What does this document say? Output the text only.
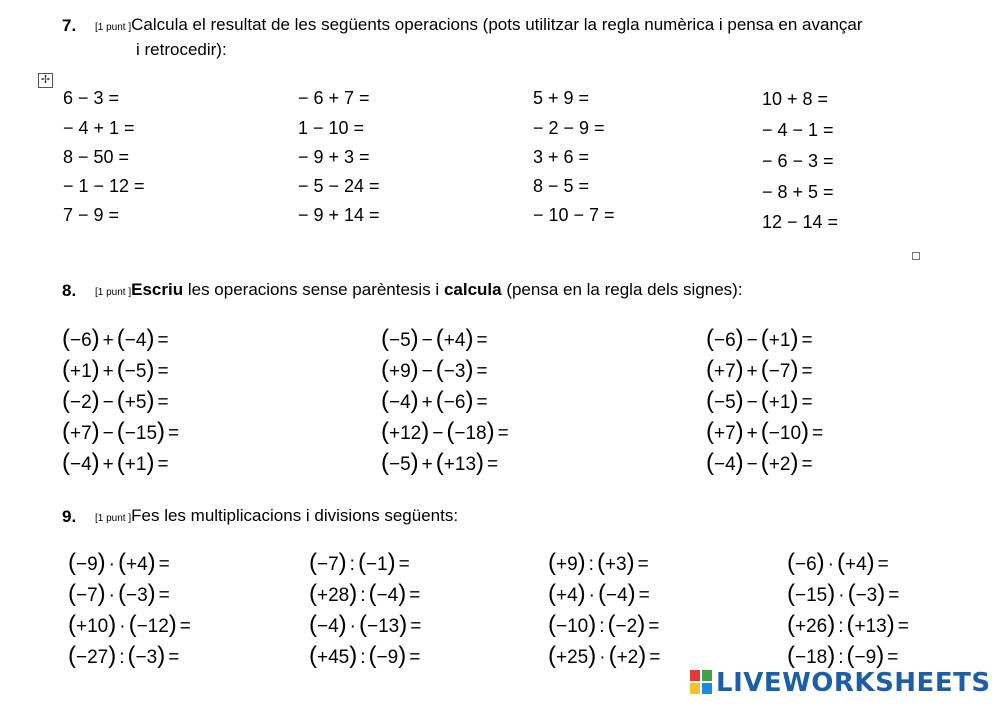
7. [1 punt ]Calcula el resultat de les següents operacions (pots utilitzar la regla numèrica i pensa en avançar
i retrocedir):
✢
6 − 3 =
− 4 + 1 =
8 − 50 =
− 1 − 12 =
7 − 9 =
− 6 + 7 =
1 − 10 =
− 9 + 3 =
− 5 − 24 =
− 9 + 14 =
5 + 9 =
− 2 − 9 =
3 + 6 =
8 − 5 =
− 10 − 7 =
10 + 8 =
− 4 − 1 =
− 6 − 3 =
− 8 + 5 =
12 − 14 =
8. [1 punt ]Escriu les operacions sense parèntesis i calcula (pensa en la regla dels signes):
(−6) + (−4) =
(+1) + (−5) =
(−2) − (+5) =
(+7) − (−15) =
(−4) + (+1) =
(−5) − (+4) =
(+9) − (−3) =
(−4) + (−6) =
(+12) − (−18) =
(−5) + (+13) =
(−6) − (+1) =
(+7) + (−7) =
(−5) − (+1) =
(+7) + (−10) =
(−4) − (+2) =
9. [1 punt ]Fes les multiplicacions i divisions següents:
(−9) · (+4) =
(−7) · (−3) =
(+10) · (−12) =
(−27) : (−3) =
(−7) : (−1) =
(+28) : (−4) =
(−4) · (−13) =
(+45) : (−9) =
(+9) : (+3) =
(+4) · (−4) =
(−10) : (−2) =
(+25) · (+2) =
(−6) · (+4) =
(−15) · (−3) =
(+26) : (+13) =
(−18) : (−9) =
LIVEWORKSHEETS
